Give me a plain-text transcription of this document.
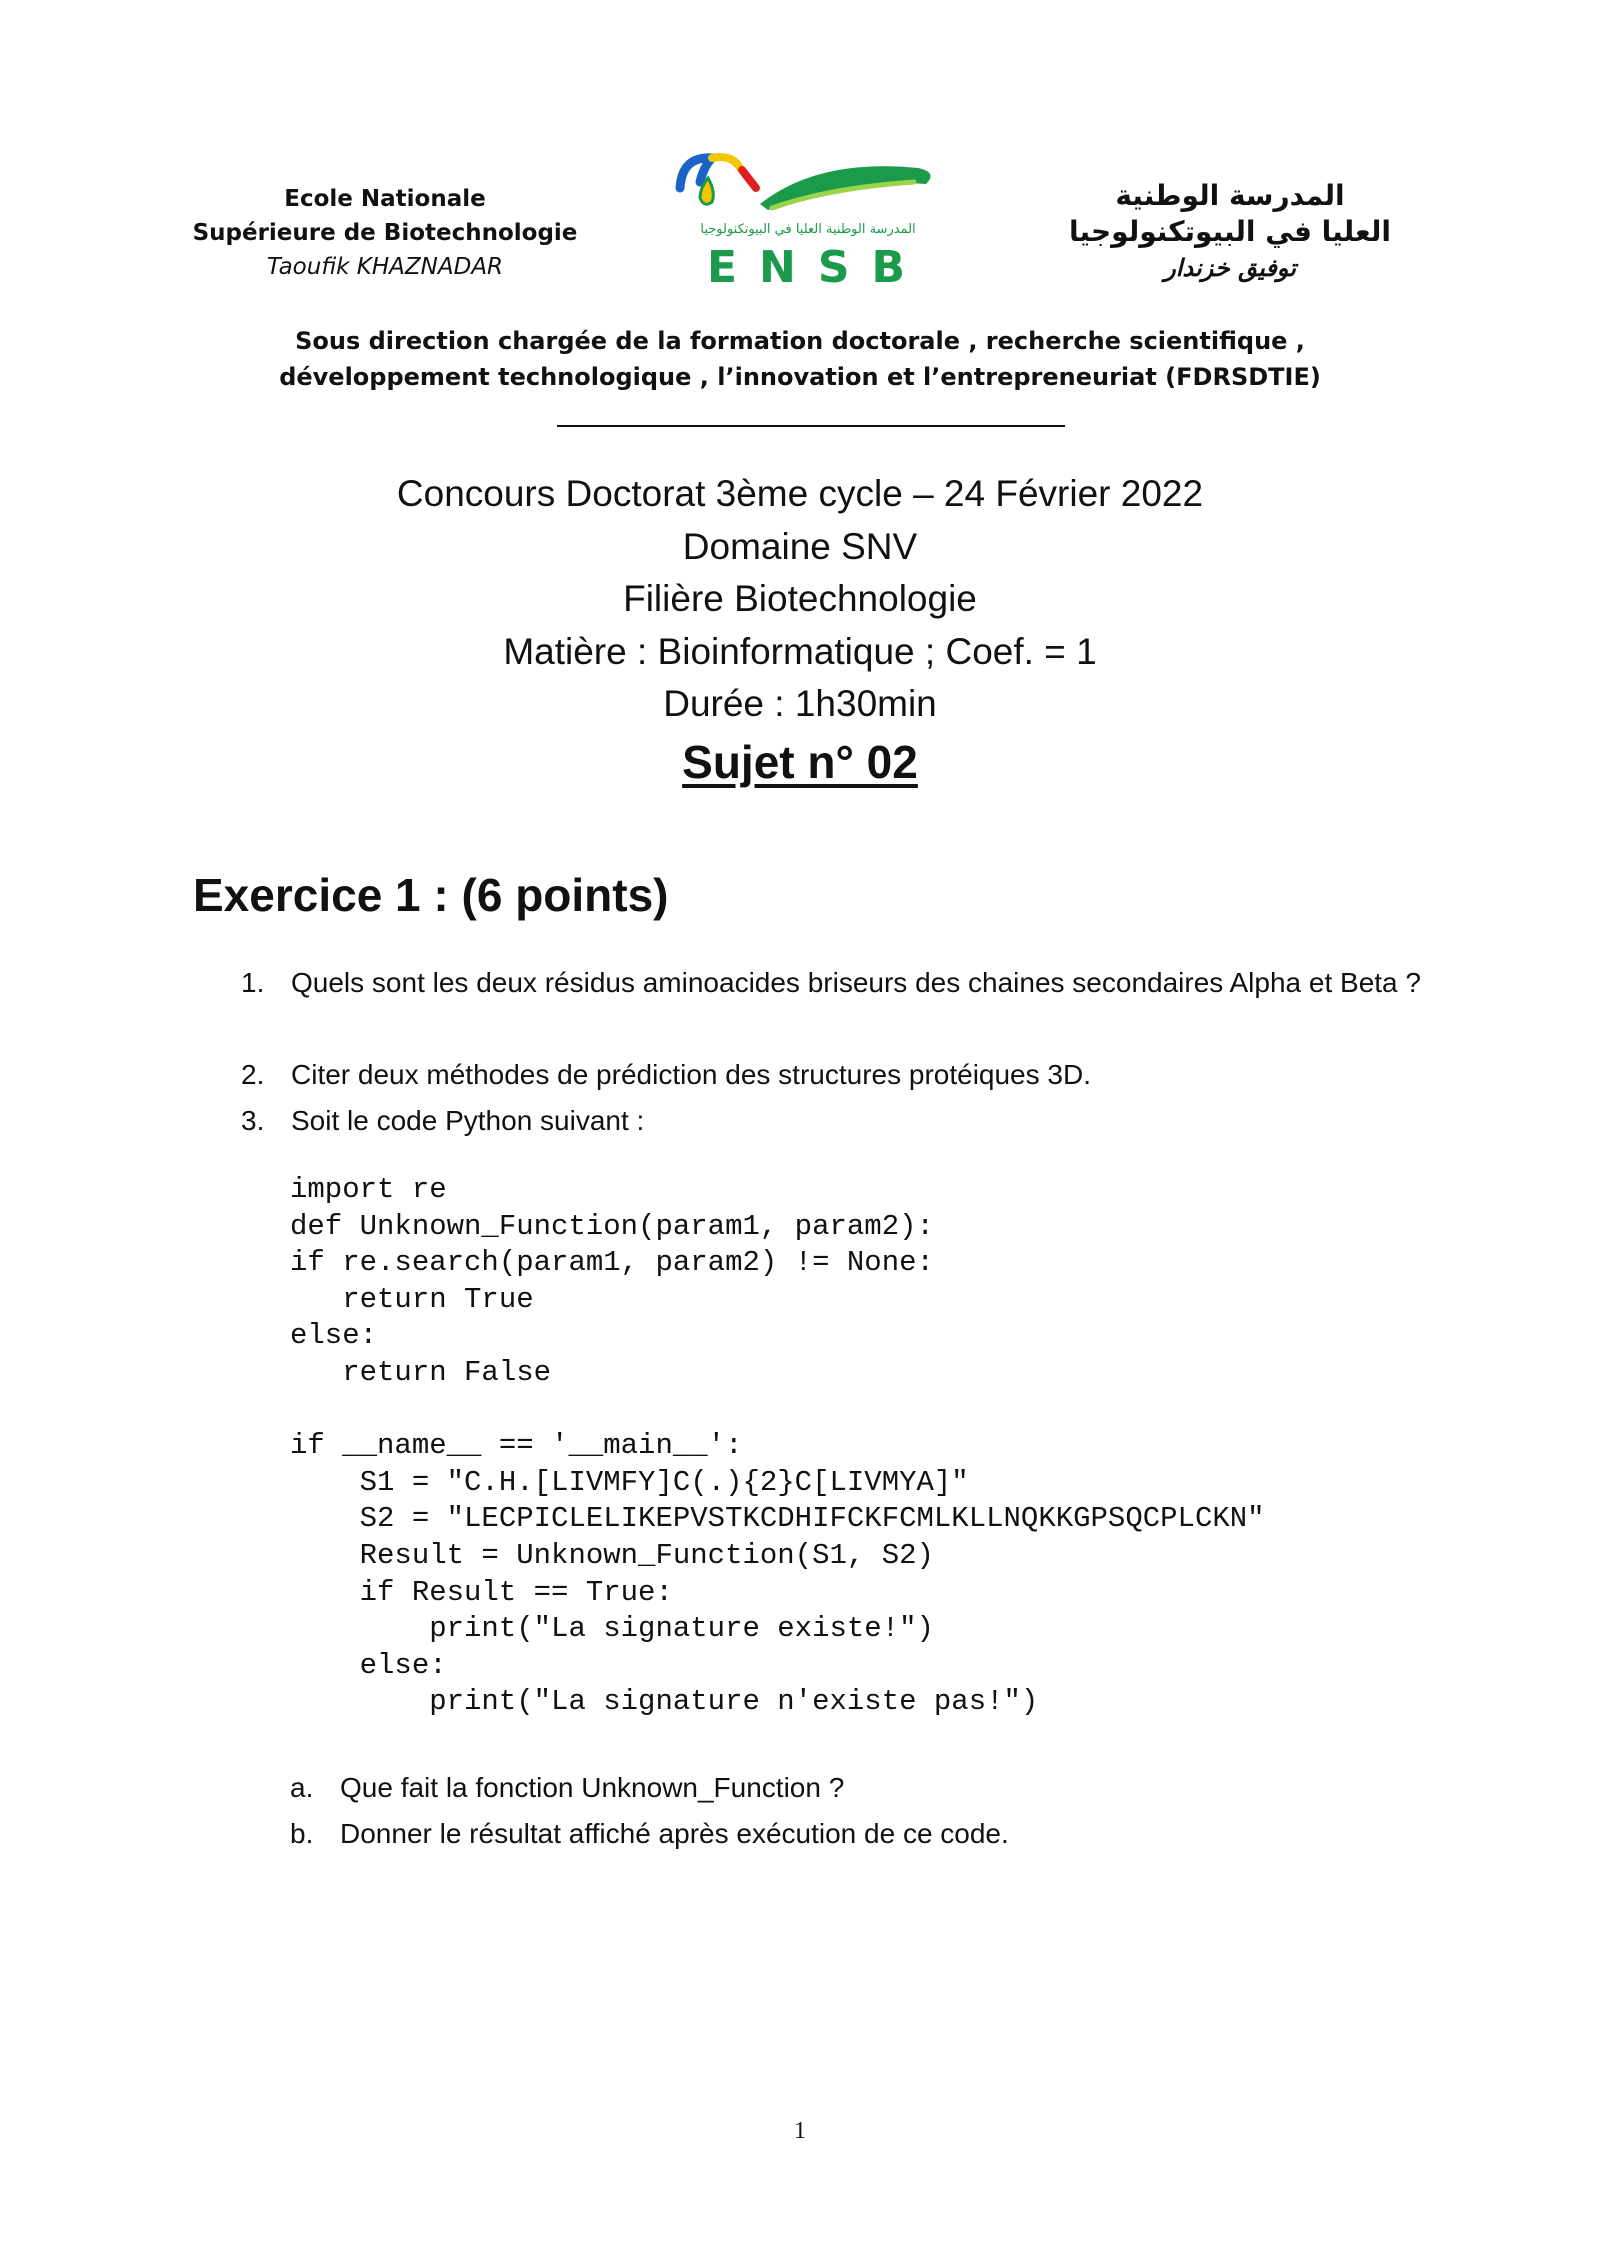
Ecole Nationale
Supérieure de Biotechnologie
Taoufik KHAZNADAR
المدرسة الوطنية العليا في البيوتكنولوجيا
ENSB
المدرسة الوطنية
العليا في البيوتكنولوجيا
توفيق خزندار
Sous direction chargée de la formation doctorale , recherche scientifique ,
développement technologique , l’innovation et l’entrepreneuriat (FDRSDTIE)
Concours Doctorat 3ème cycle – 24 Février 2022
Domaine SNV
Filière Biotechnologie
Matière : Bioinformatique ; Coef. = 1
Durée : 1h30min
Sujet n° 02
Exercice 1 : (6 points)
1. Quels sont les deux résidus aminoacides briseurs des chaines secondaires Alpha et Beta ?
2. Citer deux méthodes de prédiction des structures protéiques 3D.
3. Soit le code Python suivant :
import re
def Unknown_Function(param1, param2):
if re.search(param1, param2) != None:
return True
else:
return False

if __name__ == '__main__':
S1 = "C.H.[LIVMFY]C(.){2}C[LIVMYA]"
S2 = "LECPICLELIKEPVSTKCDHIFCKFCMLKLLNQKKGPSQCPLCKN"
Result = Unknown_Function(S1, S2)
if Result == True:
print("La signature existe!")
else:
print("La signature n'existe pas!")
a. Que fait la fonction Unknown_Function ?
b. Donner le résultat affiché après exécution de ce code.
1
